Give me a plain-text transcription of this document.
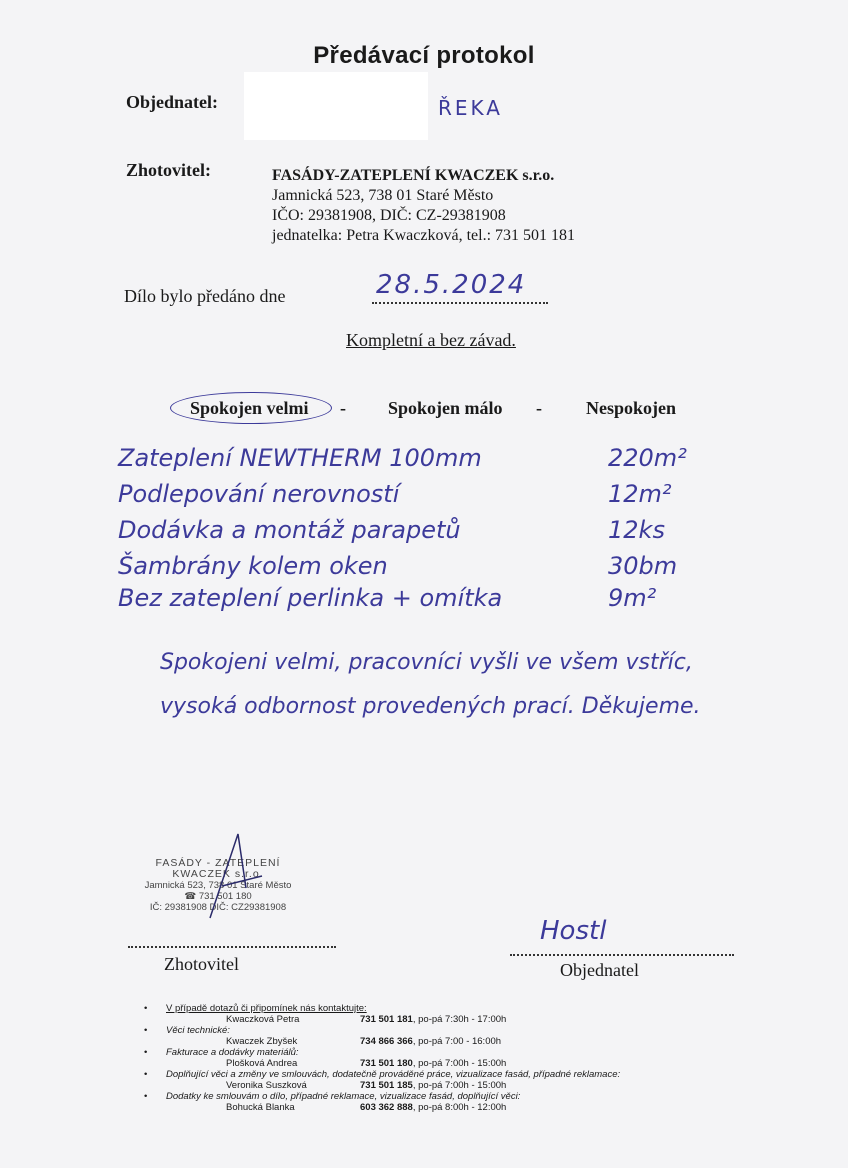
Předávací protokol
Objednatel:	ŘEKA
Zhotovitel:	FASÁDY-ZATEPLENÍ KWACZEK s.r.o.
Jamnická 523, 738 01 Staré Město
IČO: 29381908, DIČ: CZ-29381908
jednatelka: Petra Kwaczková, tel.: 731 501 181
Dílo bylo předáno dne	28.5.2024
Kompletní a bez závad.
Spokojen velmi - Spokojen málo - Nespokojen
Zateplení NEWTHERM 100mm	220m²
Podlepování nerovností	12m²
Dodávka a montáž parapetů	12ks
Šambrány kolem oken	30bm
Bez zateplení perlinka + omítka	9m²
Spokojeni velmi, pracovníci vyšli ve všem vstříc,
vysoká odbornost provedených prací. Děkujeme.
FASÁDY - ZATEPLENÍ
KWACZEK s.r.o.
Jamnická 523, 738 01 Staré Město
☎ 731 501 180
IČ: 29381908 DIČ: CZ29381908
Zhotovitel
Hostl
Objednatel
V případě dotazů či připomínek nás kontaktujte:
•
Kwaczková Petra	731 501 181, po-pá 7:30h - 17:00h
• Věci technické:
Kwaczek Zbyšek	734 866 366, po-pá 7:00 - 16:00h
• Fakturace a dodávky materiálů:
Plošková Andrea	731 501 180, po-pá 7:00h - 15:00h
• Doplňující věci a změny ve smlouvách, dodatečně prováděné práce, vizualizace fasád, případné reklamace:
Veronika Suszková	731 501 185, po-pá 7:00h - 15:00h
• Dodatky ke smlouvám o dílo, případné reklamace, vizualizace fasád, doplňující věci:
Bohucká Blanka	603 362 888, po-pá 8:00h - 12:00h
